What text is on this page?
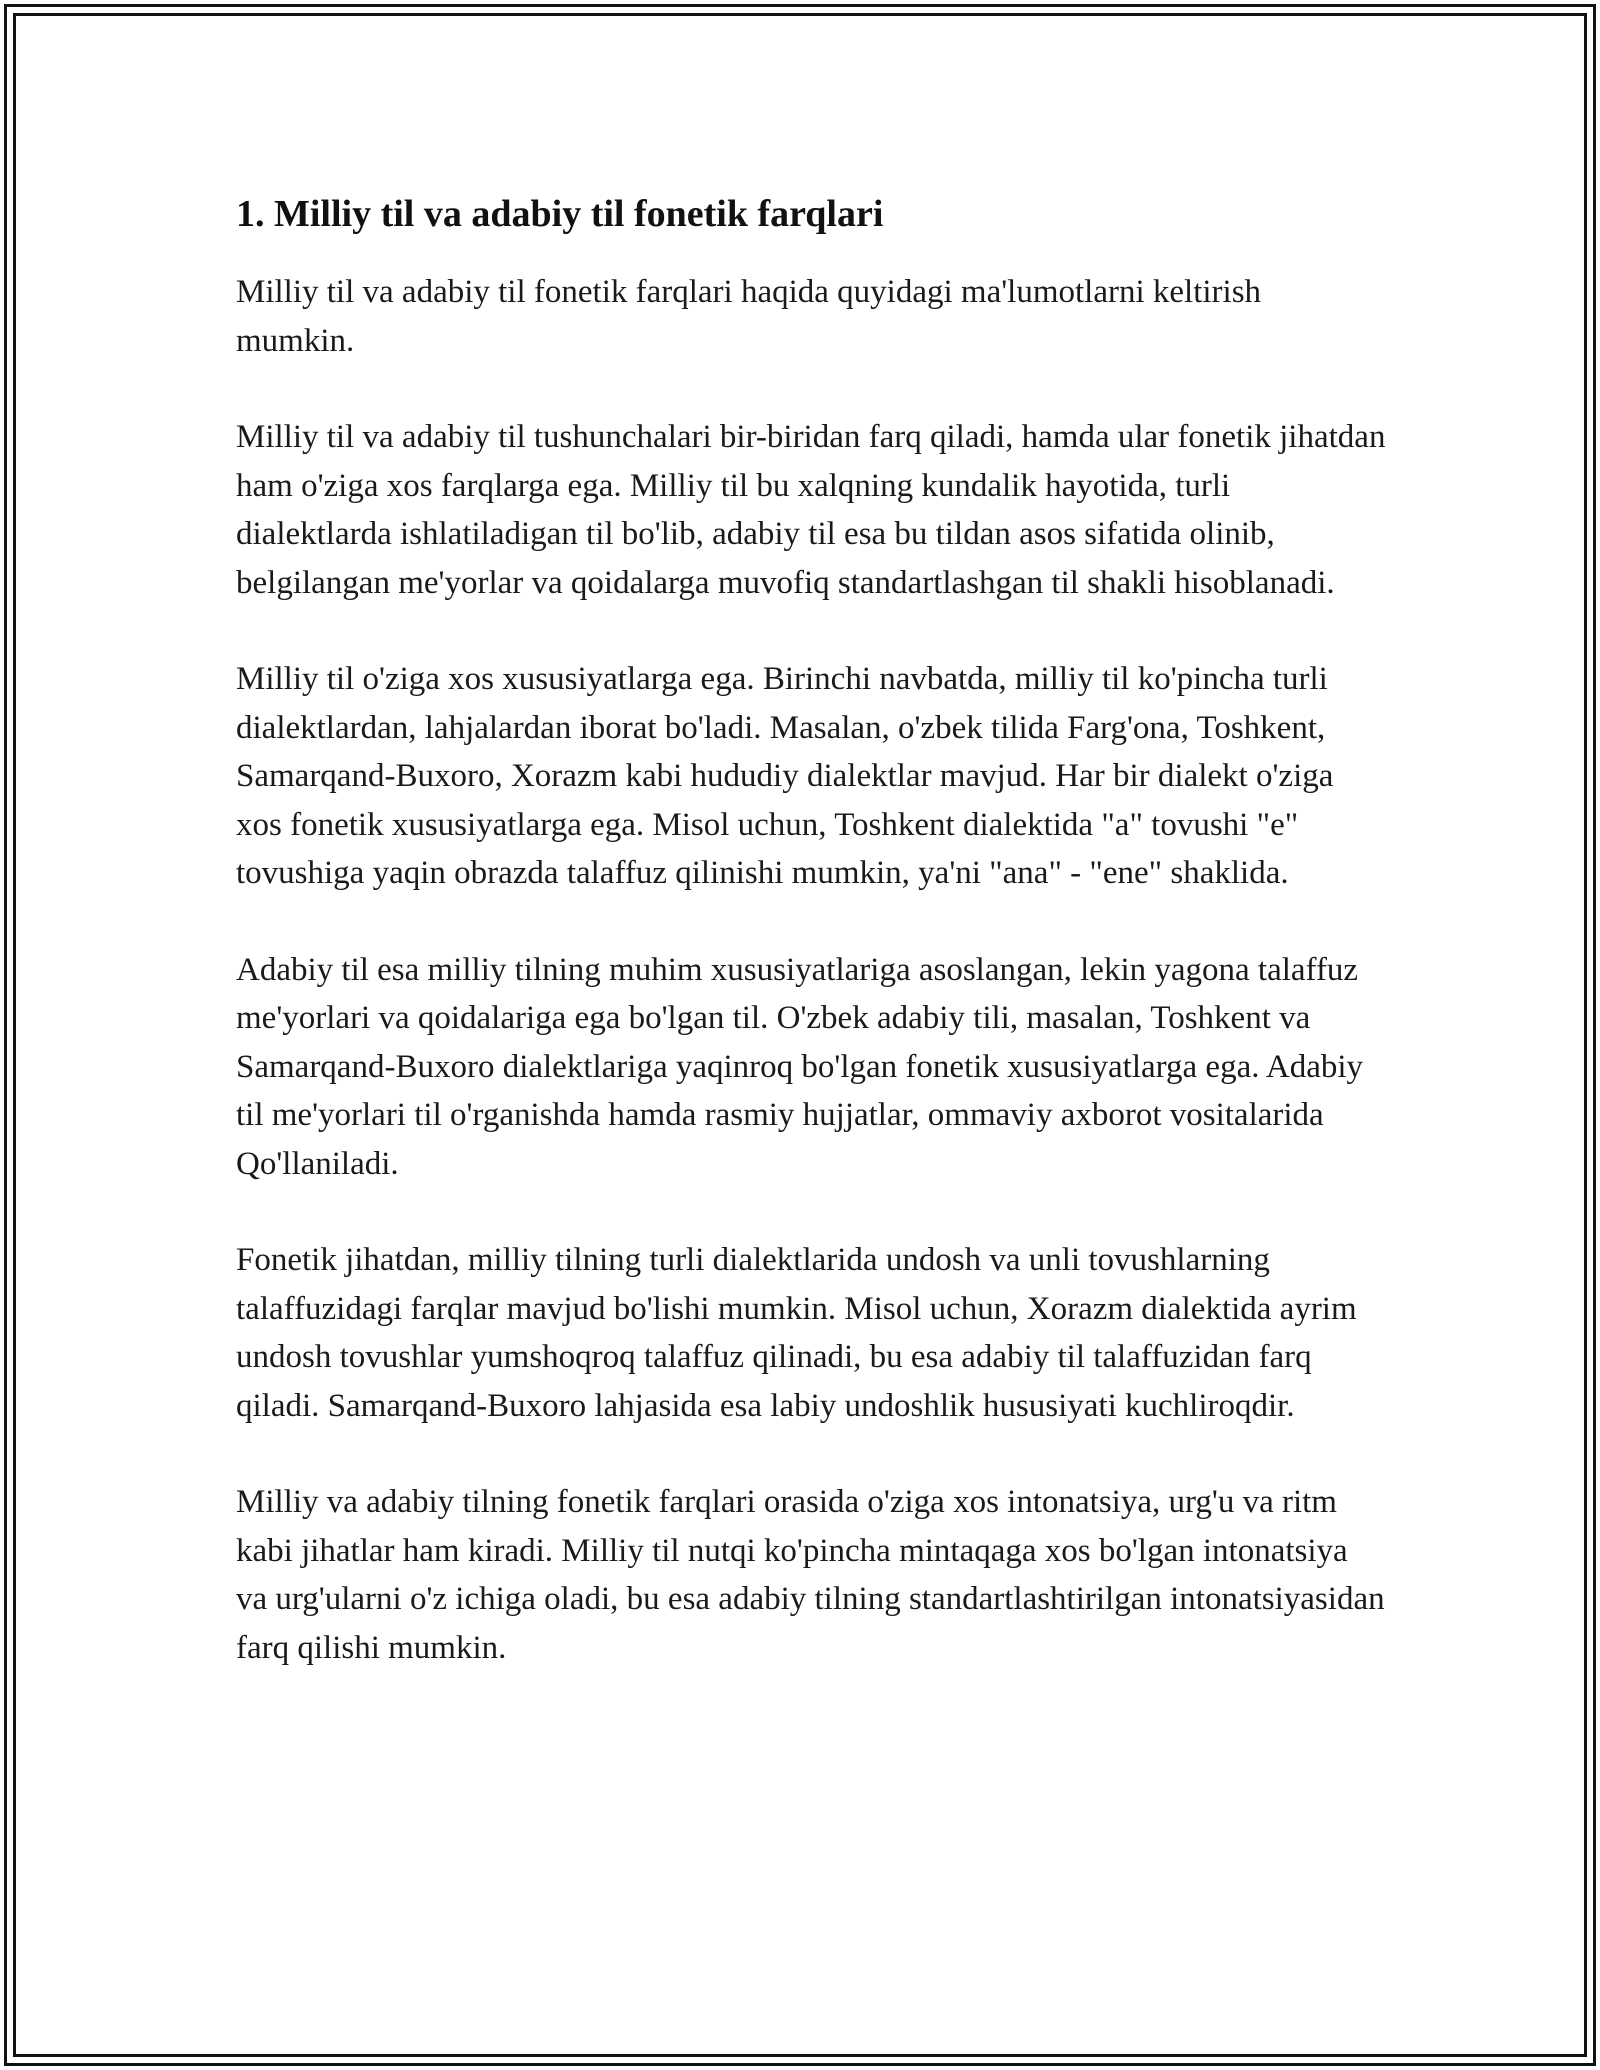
1. Milliy til va adabiy til fonetik farqlari

Milliy til va adabiy til fonetik farqlari haqida quyidagi ma'lumotlarni keltirish mumkin.

Milliy til va adabiy til tushunchalari bir-biridan farq qiladi, hamda ular fonetik jihatdan ham o'ziga xos farqlarga ega. Milliy til bu xalqning kundalik hayotida, turli dialektlarda ishlatiladigan til bo'lib, adabiy til esa bu tildan asos sifatida olinib, belgilangan me'yorlar va qoidalarga muvofiq standartlashgan til shakli hisoblanadi.

Milliy til o'ziga xos xususiyatlarga ega. Birinchi navbatda, milliy til ko'pincha turli dialektlardan, lahjalardan iborat bo'ladi. Masalan, o'zbek tilida Farg'ona, Toshkent, Samarqand-Buxoro, Xorazm kabi hududiy dialektlar mavjud. Har bir dialekt o'ziga xos fonetik xususiyatlarga ega. Misol uchun, Toshkent dialektida "a" tovushi "e" tovushiga yaqin obrazda talaffuz qilinishi mumkin, ya'ni "ana" - "ene" shaklida.

Adabiy til esa milliy tilning muhim xususiyatlariga asoslangan, lekin yagona talaffuz me'yorlari va qoidalariga ega bo'lgan til. O'zbek adabiy tili, masalan, Toshkent va Samarqand-Buxoro dialektlariga yaqinroq bo'lgan fonetik xususiyatlarga ega. Adabiy til me'yorlari til o'rganishda hamda rasmiy hujjatlar, ommaviy axborot vositalarida Qo'llaniladi.

Fonetik jihatdan, milliy tilning turli dialektlarida undosh va unli tovushlarning talaffuzidagi farqlar mavjud bo'lishi mumkin. Misol uchun, Xorazm dialektida ayrim undosh tovushlar yumshoqroq talaffuz qilinadi, bu esa adabiy til talaffuzidan farq qiladi. Samarqand-Buxoro lahjasida esa labiy undoshlik hususiyati kuchliroqdir.

Milliy va adabiy tilning fonetik farqlari orasida o'ziga xos intonatsiya, urg'u va ritm kabi jihatlar ham kiradi. Milliy til nutqi ko'pincha mintaqaga xos bo'lgan intonatsiya va urg'ularni o'z ichiga oladi, bu esa adabiy tilning standartlashtirilgan intonatsiyasidan farq qilishi mumkin.
